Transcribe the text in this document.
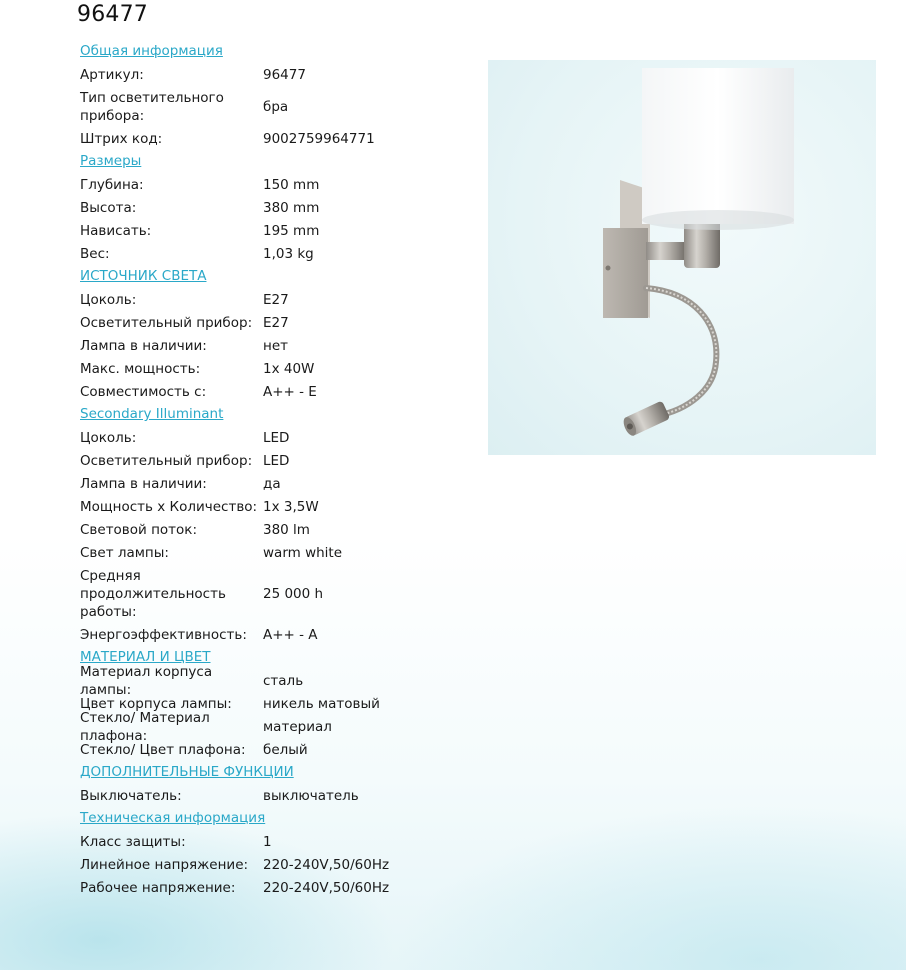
96477
Общая информация
Артикул:	96477
Тип осветительного прибора:
бра
Штрих код:	9002759964771
Размеры
Глубина:	150 mm
Высота:	380 mm
Нависать:	195 mm
Вес:	1,03 kg
ИСТОЧНИК СВЕТА
Цоколь:	E27
Осветительный прибор: E27
Лампа в наличии:	нет
Макс. мощность:	1x 40W
Совместимость с:	A++ - E
Secondary Illuminant
Цоколь:	LED
Осветительный прибор: LED
Лампа в наличии:	да
Мощность x Количество: 1x 3,5W
Световой поток:	380 lm
Свет лампы:	warm white
Средняя продолжительность работы:
25 000 h
Энергоэффективность:	A++ - A
МАТЕРИАЛ И ЦВЕТ
Материал корпуса лампы:
сталь
Цвет корпуса лампы:	никель матовый
Стекло/ Материал плафона:
материал
Стекло/ Цвет плафона:	белый
ДОПОЛНИТЕЛЬНЫЕ ФУНКЦИИ
Выключатель:	выключатель
Техническая информация
Класс защиты:	1
Линейное напряжение:	220-240V,50/60Hz
Рабочее напряжение:	220-240V,50/60Hz
